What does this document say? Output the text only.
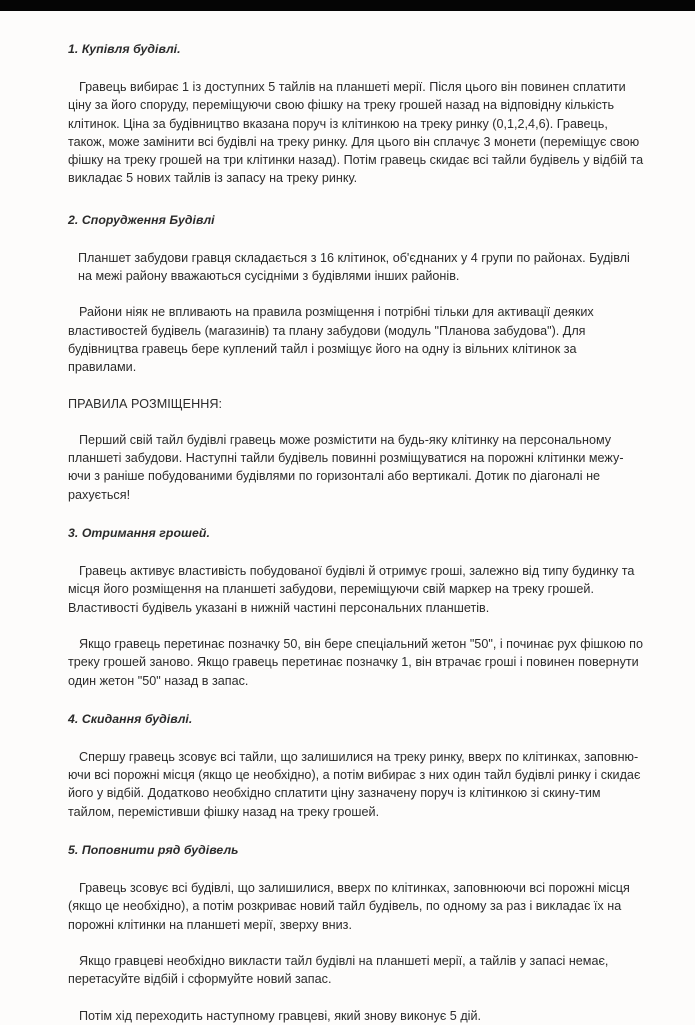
1. Купівля будівлі.

Гравець вибирає 1 із доступних 5 тайлів на планшеті мерії. Після цього він повинен сплатити ціну за його споруду, переміщуючи свою фішку на треку грошей назад на відповідну кількість клітинок. Ціна за будівництво вказана поруч із клітинкою на треку ринку (0,1,2,4,6). Гравець, також, може замінити всі будівлі на треку ринку. Для цього він сплачує 3 монети (переміщує свою фішку на треку грошей на три клітинки назад). Потім гравець скидає всі тайли будівель у відбій та викладає 5 нових тайлів із запасу на треку ринку.

2. Спорудження Будівлі

Планшет забудови гравця складається з 16 клітинок, об'єднаних у 4 групи по районах. Будівлі на межі району вважаються сусідніми з будівлями інших районів.

Райони ніяк не впливають на правила розміщення і потрібні тільки для активації деяких властивостей будівель (магазинів) та плану забудови (модуль "Планова забудова"). Для будівництва гравець бере куплений тайл і розміщує його на одну із вільних клітинок за правилами.

ПРАВИЛА РОЗМІЩЕННЯ:

Перший свій тайл будівлі гравець може розмістити на будь-яку клітинку на персональному планшеті забудови. Наступні тайли будівель повинні розміщуватися на порожні клітинки межу-ючи з раніше побудованими будівлями по горизонталі або вертикалі. Дотик по діагоналі не рахується!

3. Отримання грошей.

Гравець активує властивість побудованої будівлі й отримує гроші, залежно від типу будинку та місця його розміщення на планшеті забудови, переміщуючи свій маркер на треку грошей. Властивості будівель указані в нижній частині персональних планшетів.

Якщо гравець перетинає позначку 50, він бере спеціальний жетон "50", і починає рух фішкою по треку грошей заново. Якщо гравець перетинає позначку 1, він втрачає гроші і повинен повернути один жетон "50" назад в запас.

4. Скидання будівлі.

Спершу гравець зсовує всі тайли, що залишилися на треку ринку, вверх по клітинках, заповню-ючи всі порожні місця (якщо це необхідно), а потім вибирає з них один тайл будівлі ринку і скидає його у відбій. Додатково необхідно сплатити ціну зазначену поруч із клітинкою зі скину-тим тайлом, перемістивши фішку назад на треку грошей.

5. Поповнити ряд будівель

Гравець зсовує всі будівлі, що залишилися, вверх по клітинках, заповнюючи всі порожні місця (якщо це необхідно), а потім розкриває новий тайл будівель, по одному за раз і викладає їх на порожні клітинки на планшеті мерії, зверху вниз.

Якщо гравцеві необхідно викласти тайл будівлі на планшеті мерії, а тайлів у запасі немає, перетасуйте відбій і сформуйте новий запас.

Потім хід переходить наступному гравцеві, який знову виконує 5 дій.
